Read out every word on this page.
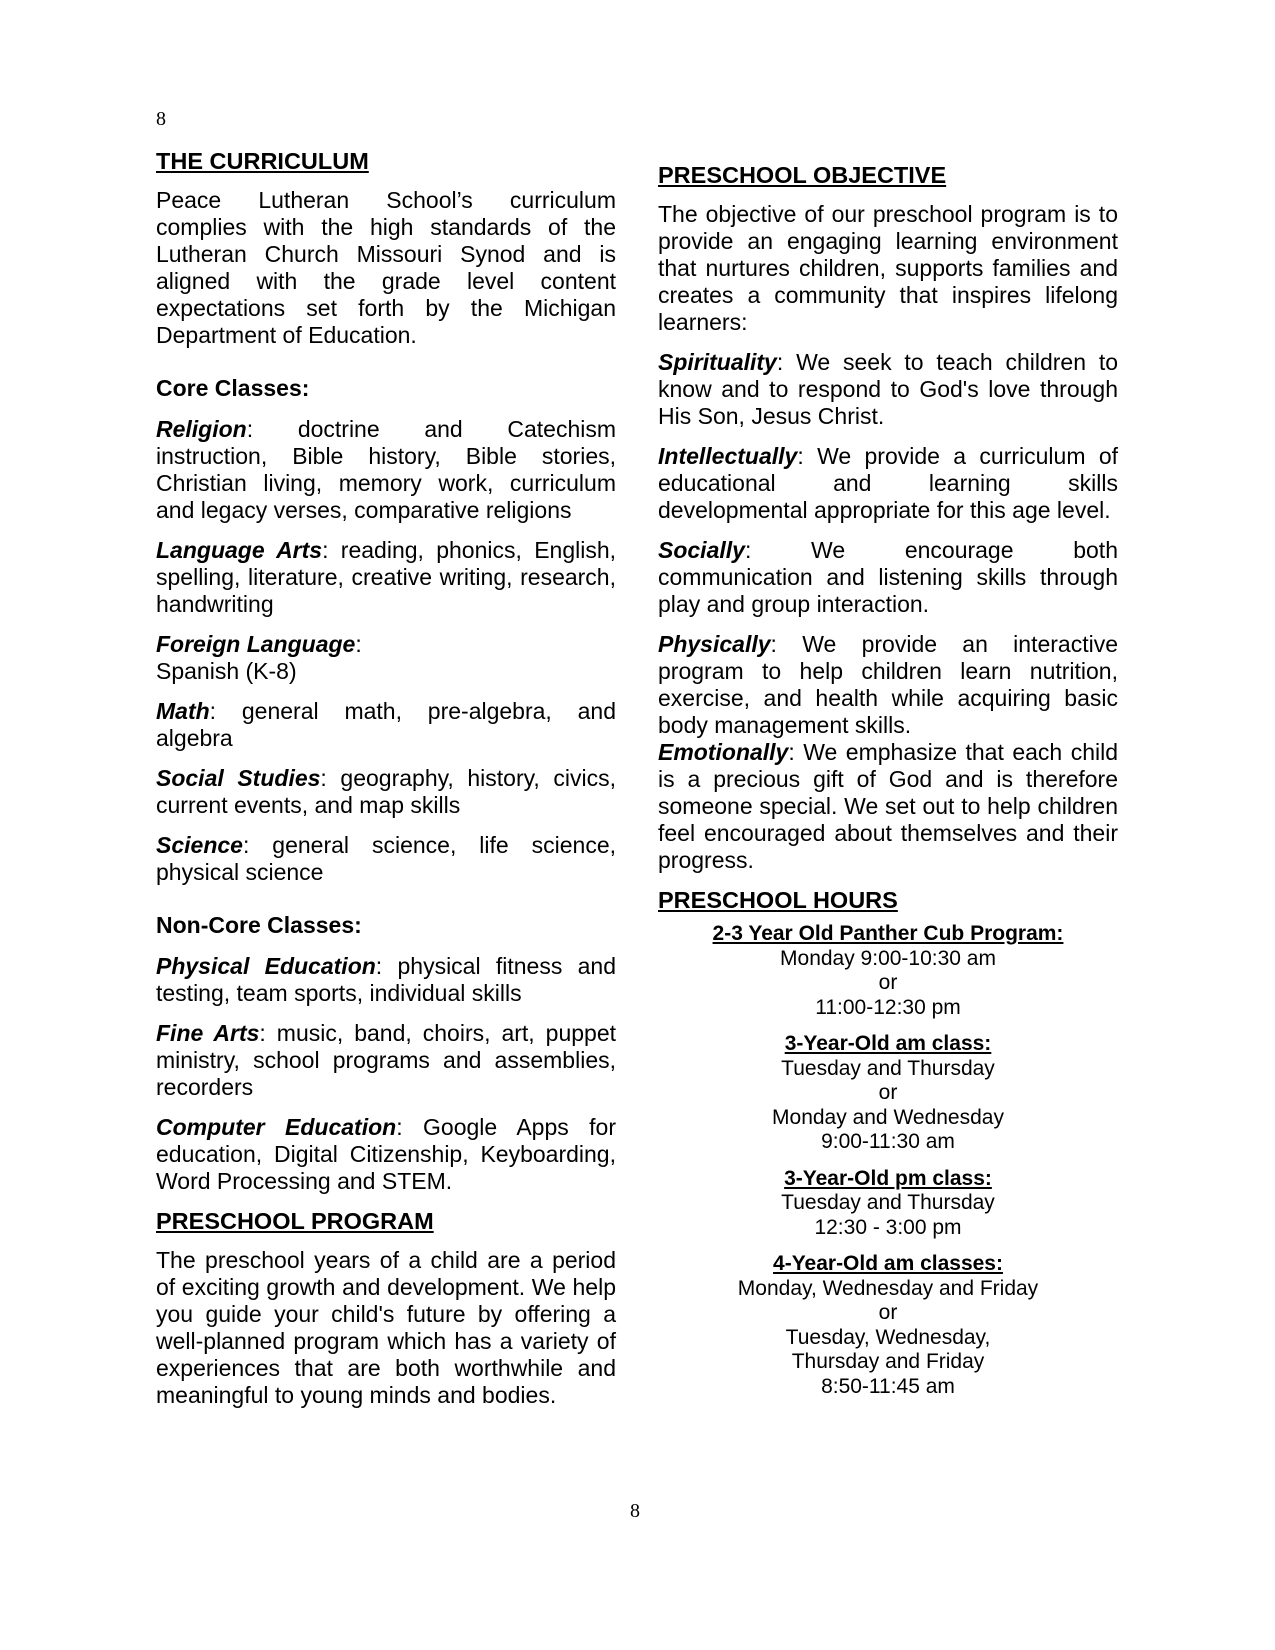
8
THE CURRICULUM
Peace Lutheran School’s curriculum complies with the high standards of the Lutheran Church Missouri Synod and is aligned with the grade level content expectations set forth by the Michigan Department of Education.
Core Classes:
Religion: doctrine and Catechism instruction, Bible history, Bible stories, Christian living, memory work, curriculum and legacy verses, comparative religions
Language Arts: reading, phonics, English, spelling, literature, creative writing, research, handwriting
Foreign Language:
Spanish (K-8)
Math: general math, pre-algebra, and algebra
Social Studies: geography, history, civics, current events, and map skills
Science: general science, life science, physical science
Non-Core Classes:
Physical Education: physical fitness and testing, team sports, individual skills
Fine Arts: music, band, choirs, art, puppet ministry, school programs and assemblies, recorders
Computer Education: Google Apps for education, Digital Citizenship, Keyboarding, Word Processing and STEM.
PRESCHOOL PROGRAM
The preschool years of a child are a period of exciting growth and development. We help you guide your child's future by offering a well-planned program which has a variety of experiences that are both worthwhile and meaningful to young minds and bodies.
PRESCHOOL OBJECTIVE
The objective of our preschool program is to provide an engaging learning environment that nurtures children, supports families and creates a community that inspires lifelong learners:
Spirituality: We seek to teach children to know and to respond to God's love through His Son, Jesus Christ.
Intellectually: We provide a curriculum of educational and learning skills developmental appropriate for this age level.
Socially: We encourage both communication and listening skills through play and group interaction.
Physically: We provide an interactive program to help children learn nutrition, exercise, and health while acquiring basic body management skills.
Emotionally: We emphasize that each child is a precious gift of God and is therefore someone special. We set out to help children feel encouraged about themselves and their progress.
PRESCHOOL HOURS
2-3 Year Old Panther Cub Program:
Monday 9:00-10:30 am
or
11:00-12:30 pm
3-Year-Old am class:
Tuesday and Thursday
or
Monday and Wednesday
9:00-11:30 am
3-Year-Old pm class:
Tuesday and Thursday
12:30 - 3:00 pm
4-Year-Old am classes:
Monday, Wednesday and Friday
or
Tuesday, Wednesday,
Thursday and Friday
8:50-11:45 am
8
